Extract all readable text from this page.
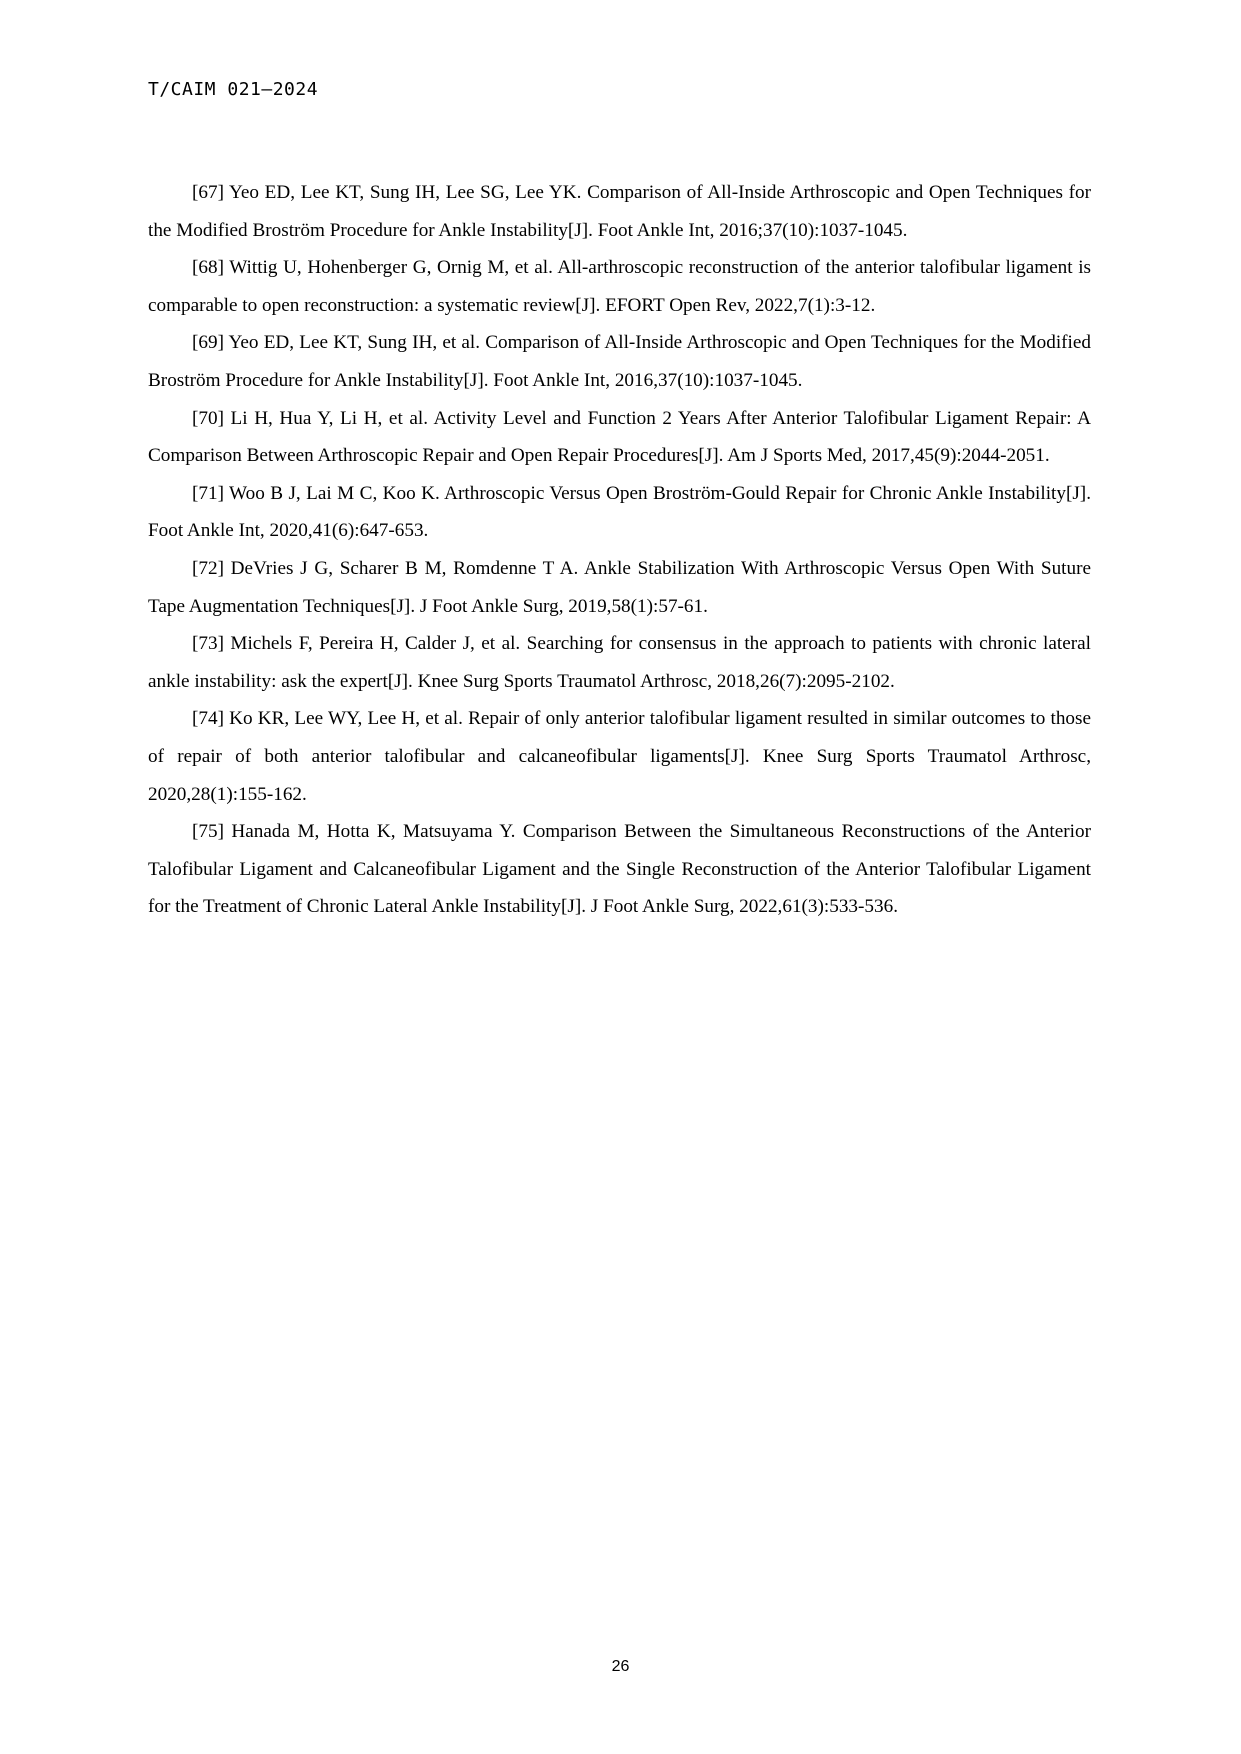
T/CAIM 021—2024

[67] Yeo ED, Lee KT, Sung IH, Lee SG, Lee YK. Comparison of All-Inside Arthroscopic and Open Techniques for the Modified Broström Procedure for Ankle Instability[J]. Foot Ankle Int, 2016;37(10):1037-1045.

[68] Wittig U, Hohenberger G, Ornig M, et al. All-arthroscopic reconstruction of the anterior talofibular ligament is comparable to open reconstruction: a systematic review[J]. EFORT Open Rev, 2022,7(1):3-12.

[69] Yeo ED, Lee KT, Sung IH, et al. Comparison of All-Inside Arthroscopic and Open Techniques for the Modified Broström Procedure for Ankle Instability[J]. Foot Ankle Int, 2016,37(10):1037-1045.

[70] Li H, Hua Y, Li H, et al. Activity Level and Function 2 Years After Anterior Talofibular Ligament Repair: A Comparison Between Arthroscopic Repair and Open Repair Procedures[J]. Am J Sports Med, 2017,45(9):2044-2051.

[71] Woo B J, Lai M C, Koo K. Arthroscopic Versus Open Broström-Gould Repair for Chronic Ankle Instability[J]. Foot Ankle Int, 2020,41(6):647-653.

[72] DeVries J G, Scharer B M, Romdenne T A. Ankle Stabilization With Arthroscopic Versus Open With Suture Tape Augmentation Techniques[J]. J Foot Ankle Surg, 2019,58(1):57-61.

[73] Michels F, Pereira H, Calder J, et al. Searching for consensus in the approach to patients with chronic lateral ankle instability: ask the expert[J]. Knee Surg Sports Traumatol Arthrosc, 2018,26(7):2095-2102.

[74] Ko KR, Lee WY, Lee H, et al. Repair of only anterior talofibular ligament resulted in similar outcomes to those of repair of both anterior talofibular and calcaneofibular ligaments[J]. Knee Surg Sports Traumatol Arthrosc, 2020,28(1):155-162.

[75] Hanada M, Hotta K, Matsuyama Y. Comparison Between the Simultaneous Reconstructions of the Anterior Talofibular Ligament and Calcaneofibular Ligament and the Single Reconstruction of the Anterior Talofibular Ligament for the Treatment of Chronic Lateral Ankle Instability[J]. J Foot Ankle Surg, 2022,61(3):533-536.

26
